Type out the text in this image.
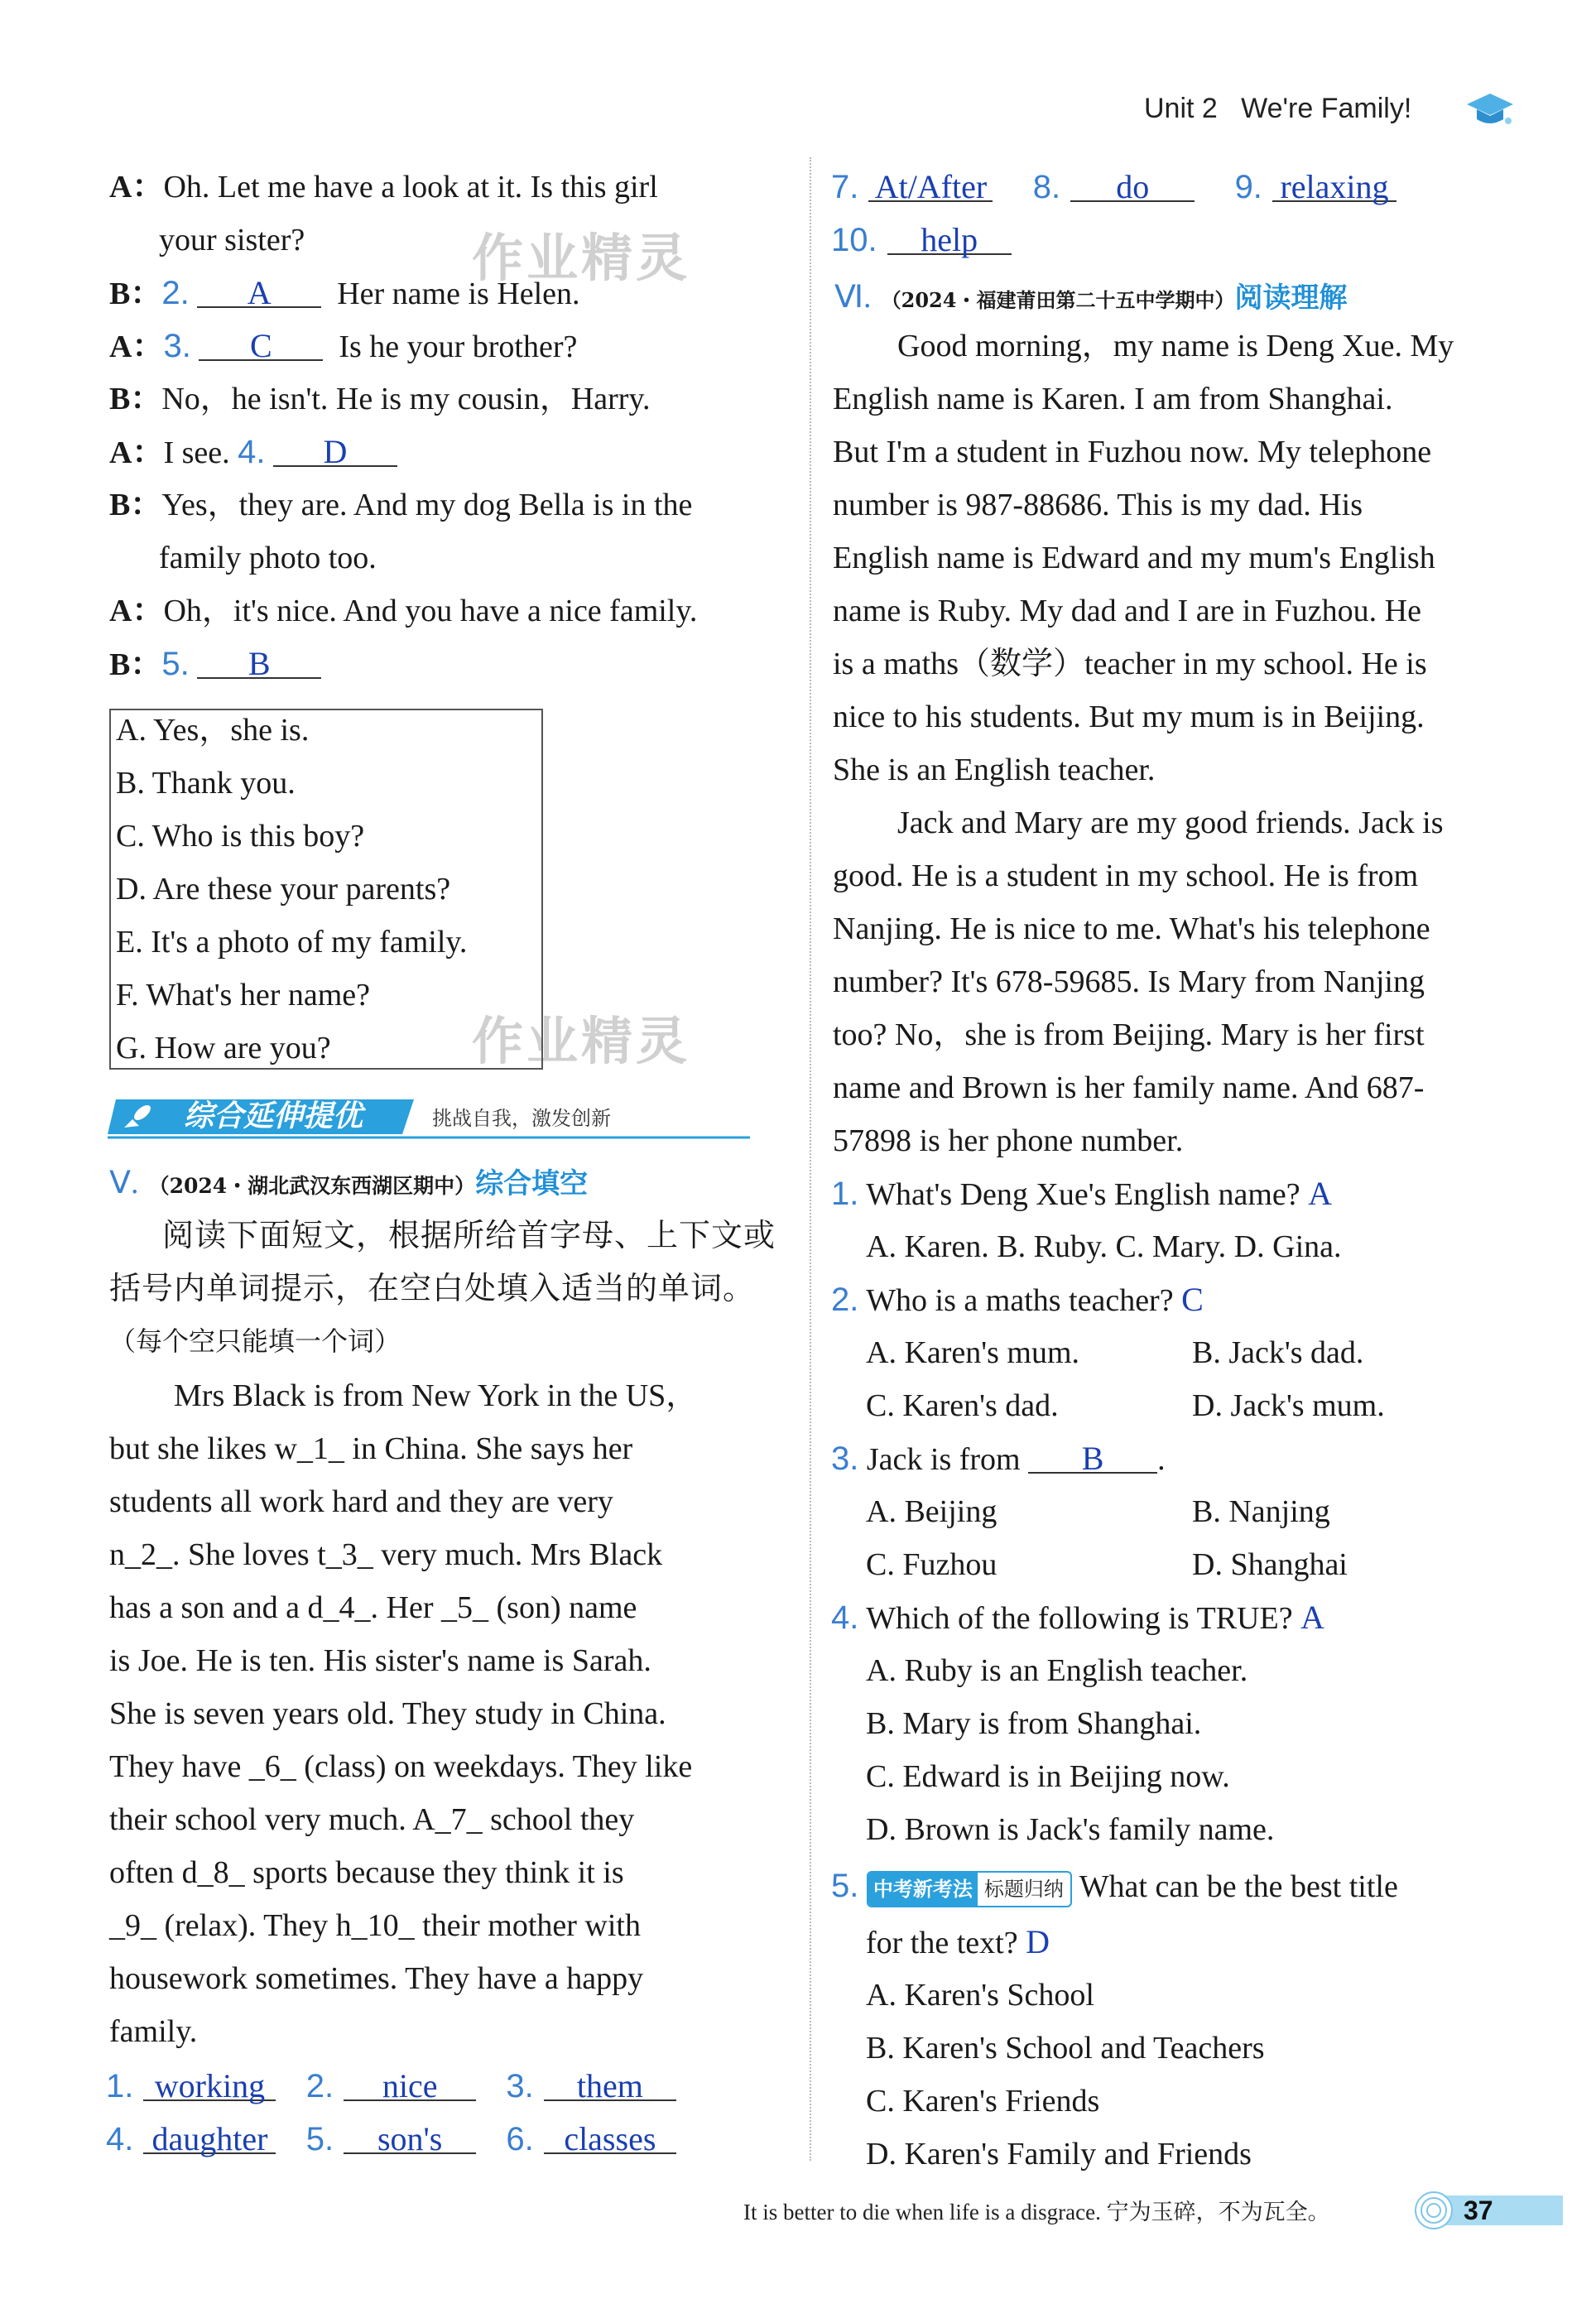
Unit 2 We're Family!
作业精灵
作业精灵
A：Oh. Let me have a look at it. Is this girl
your sister?
B：2. A Her name is Helen.
A：3. C Is he your brother?
B：No，he isn't. He is my cousin，Harry.
A：I see. 4. D
B：Yes，they are. And my dog Bella is in the
family photo too.
A：Oh，it's nice. And you have a nice family.
B：5. B
A. Yes，she is.
B. Thank you.
C. Who is this boy?
D. Are these your parents?
E. It's a photo of my family.
F. What's her name?
G. How are you?
综合延伸提优	挑战自我，激发创新
Ⅴ. （2024・湖北武汉东西湖区期中）综合填空
阅读下面短文，根据所给首字母、上下文或
括号内单词提示，在空白处填入适当的单词。
（每个空只能填一个词）
Mrs Black is from New York in the US，
but she likes w_1_ in China. She says her
students all work hard and they are very
n_2_. She loves t_3_ very much. Mrs Black
has a son and a d_4_. Her _5_ (son) name
is Joe. He is ten. His sister's name is Sarah.
She is seven years old. They study in China.
They have _6_ (class) on weekdays. They like
their school very much. A_7_ school they
often d_8_ sports because they think it is
_9_ (relax). They h_10_ their mother with
housework sometimes. They have a happy
family.
1. working 2. nice 3. them
4. daughter 5. son's 6. classes
7. At/After 8. do	9. relaxing
10. help
Ⅵ. （2024・福建莆田第二十五中学期中）阅读理解
Good morning，my name is Deng Xue. My
English name is Karen. I am from Shanghai.
But I'm a student in Fuzhou now. My telephone
number is 987-88686. This is my dad. His
English name is Edward and my mum's English
name is Ruby. My dad and I are in Fuzhou. He
is a maths（数学）teacher in my school. He is
nice to his students. But my mum is in Beijing.
She is an English teacher.
Jack and Mary are my good friends. Jack is
good. He is a student in my school. He is from
Nanjing. He is nice to me. What's his telephone
number? It's 678-59685. Is Mary from Nanjing
too? No，she is from Beijing. Mary is her first
name and Brown is her family name. And 687-
57898 is her phone number.
1. What's Deng Xue's English name? A
A. Karen. B. Ruby. C. Mary. D. Gina.
2. Who is a maths teacher? C
A. Karen's mum.	B. Jack's dad.
C. Karen's dad.	D. Jack's mum.
3. Jack is from B .
A. Beijing	B. Nanjing
C. Fuzhou	D. Shanghai
4. Which of the following is TRUE? A
A. Ruby is an English teacher.
B. Mary is from Shanghai.
C. Edward is in Beijing now.
D. Brown is Jack's family name.
5. 中考新考法 标题归纳 What can be the best title
for the text? D
A. Karen's School
B. Karen's School and Teachers
C. Karen's Friends
D. Karen's Family and Friends
It is better to die when life is a disgrace. 宁为玉碎，不为瓦全。	37
